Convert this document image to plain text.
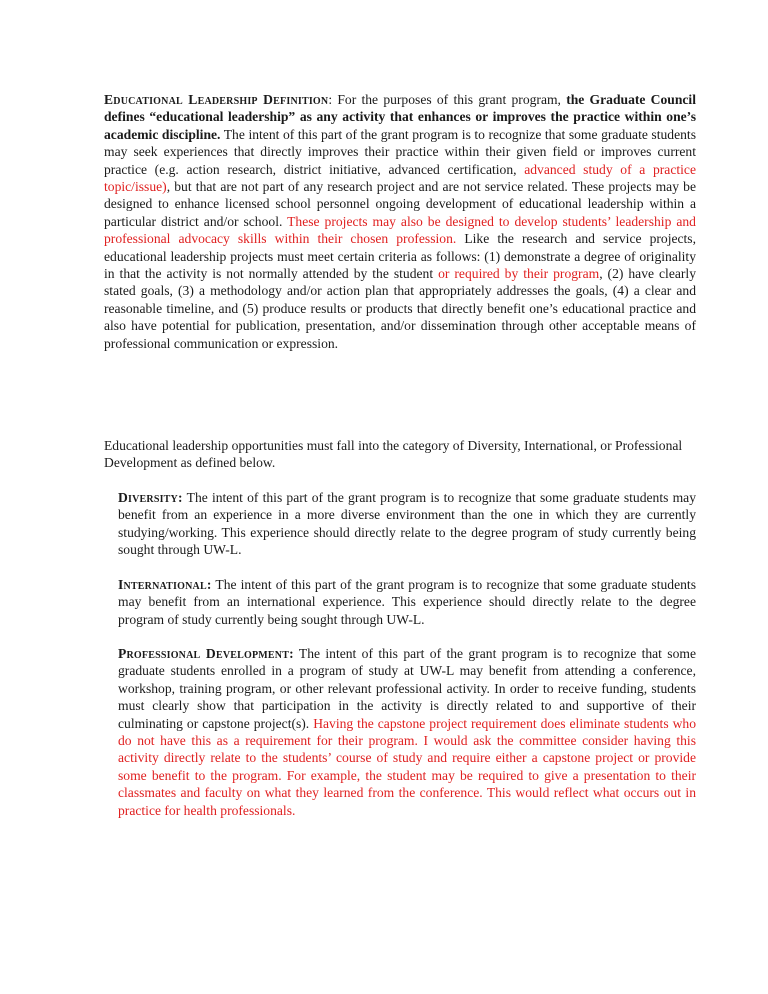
Educational Leadership Definition: For the purposes of this grant program, the Graduate Council defines “educational leadership” as any activity that enhances or improves the practice within one’s academic discipline. The intent of this part of the grant program is to recognize that some graduate students may seek experiences that directly improves their practice within their given field or improves current practice (e.g. action research, district initiative, advanced certification, advanced study of a practice topic/issue), but that are not part of any research project and are not service related. These projects may be designed to enhance licensed school personnel ongoing development of educational leadership within a particular district and/or school. These projects may also be designed to develop students’ leadership and professional advocacy skills within their chosen profession. Like the research and service projects, educational leadership projects must meet certain criteria as follows: (1) demonstrate a degree of originality in that the activity is not normally attended by the student or required by their program, (2) have clearly stated goals, (3) a methodology and/or action plan that appropriately addresses the goals, (4) a clear and reasonable timeline, and (5) produce results or products that directly benefit one’s educational practice and also have potential for publication, presentation, and/or dissemination through other acceptable means of professional communication or expression.
Educational leadership opportunities must fall into the category of Diversity, International, or Professional Development as defined below.
Diversity: The intent of this part of the grant program is to recognize that some graduate students may benefit from an experience in a more diverse environment than the one in which they are currently studying/working. This experience should directly relate to the degree program of study currently being sought through UW-L.
International: The intent of this part of the grant program is to recognize that some graduate students may benefit from an international experience. This experience should directly relate to the degree program of study currently being sought through UW-L.
Professional Development: The intent of this part of the grant program is to recognize that some graduate students enrolled in a program of study at UW-L may benefit from attending a conference, workshop, training program, or other relevant professional activity. In order to receive funding, students must clearly show that participation in the activity is directly related to and supportive of their culminating or capstone project(s). Having the capstone project requirement does eliminate students who do not have this as a requirement for their program. I would ask the committee consider having this activity directly relate to the students’ course of study and require either a capstone project or provide some benefit to the program. For example, the student may be required to give a presentation to their classmates and faculty on what they learned from the conference. This would reflect what occurs out in practice for health professionals.
